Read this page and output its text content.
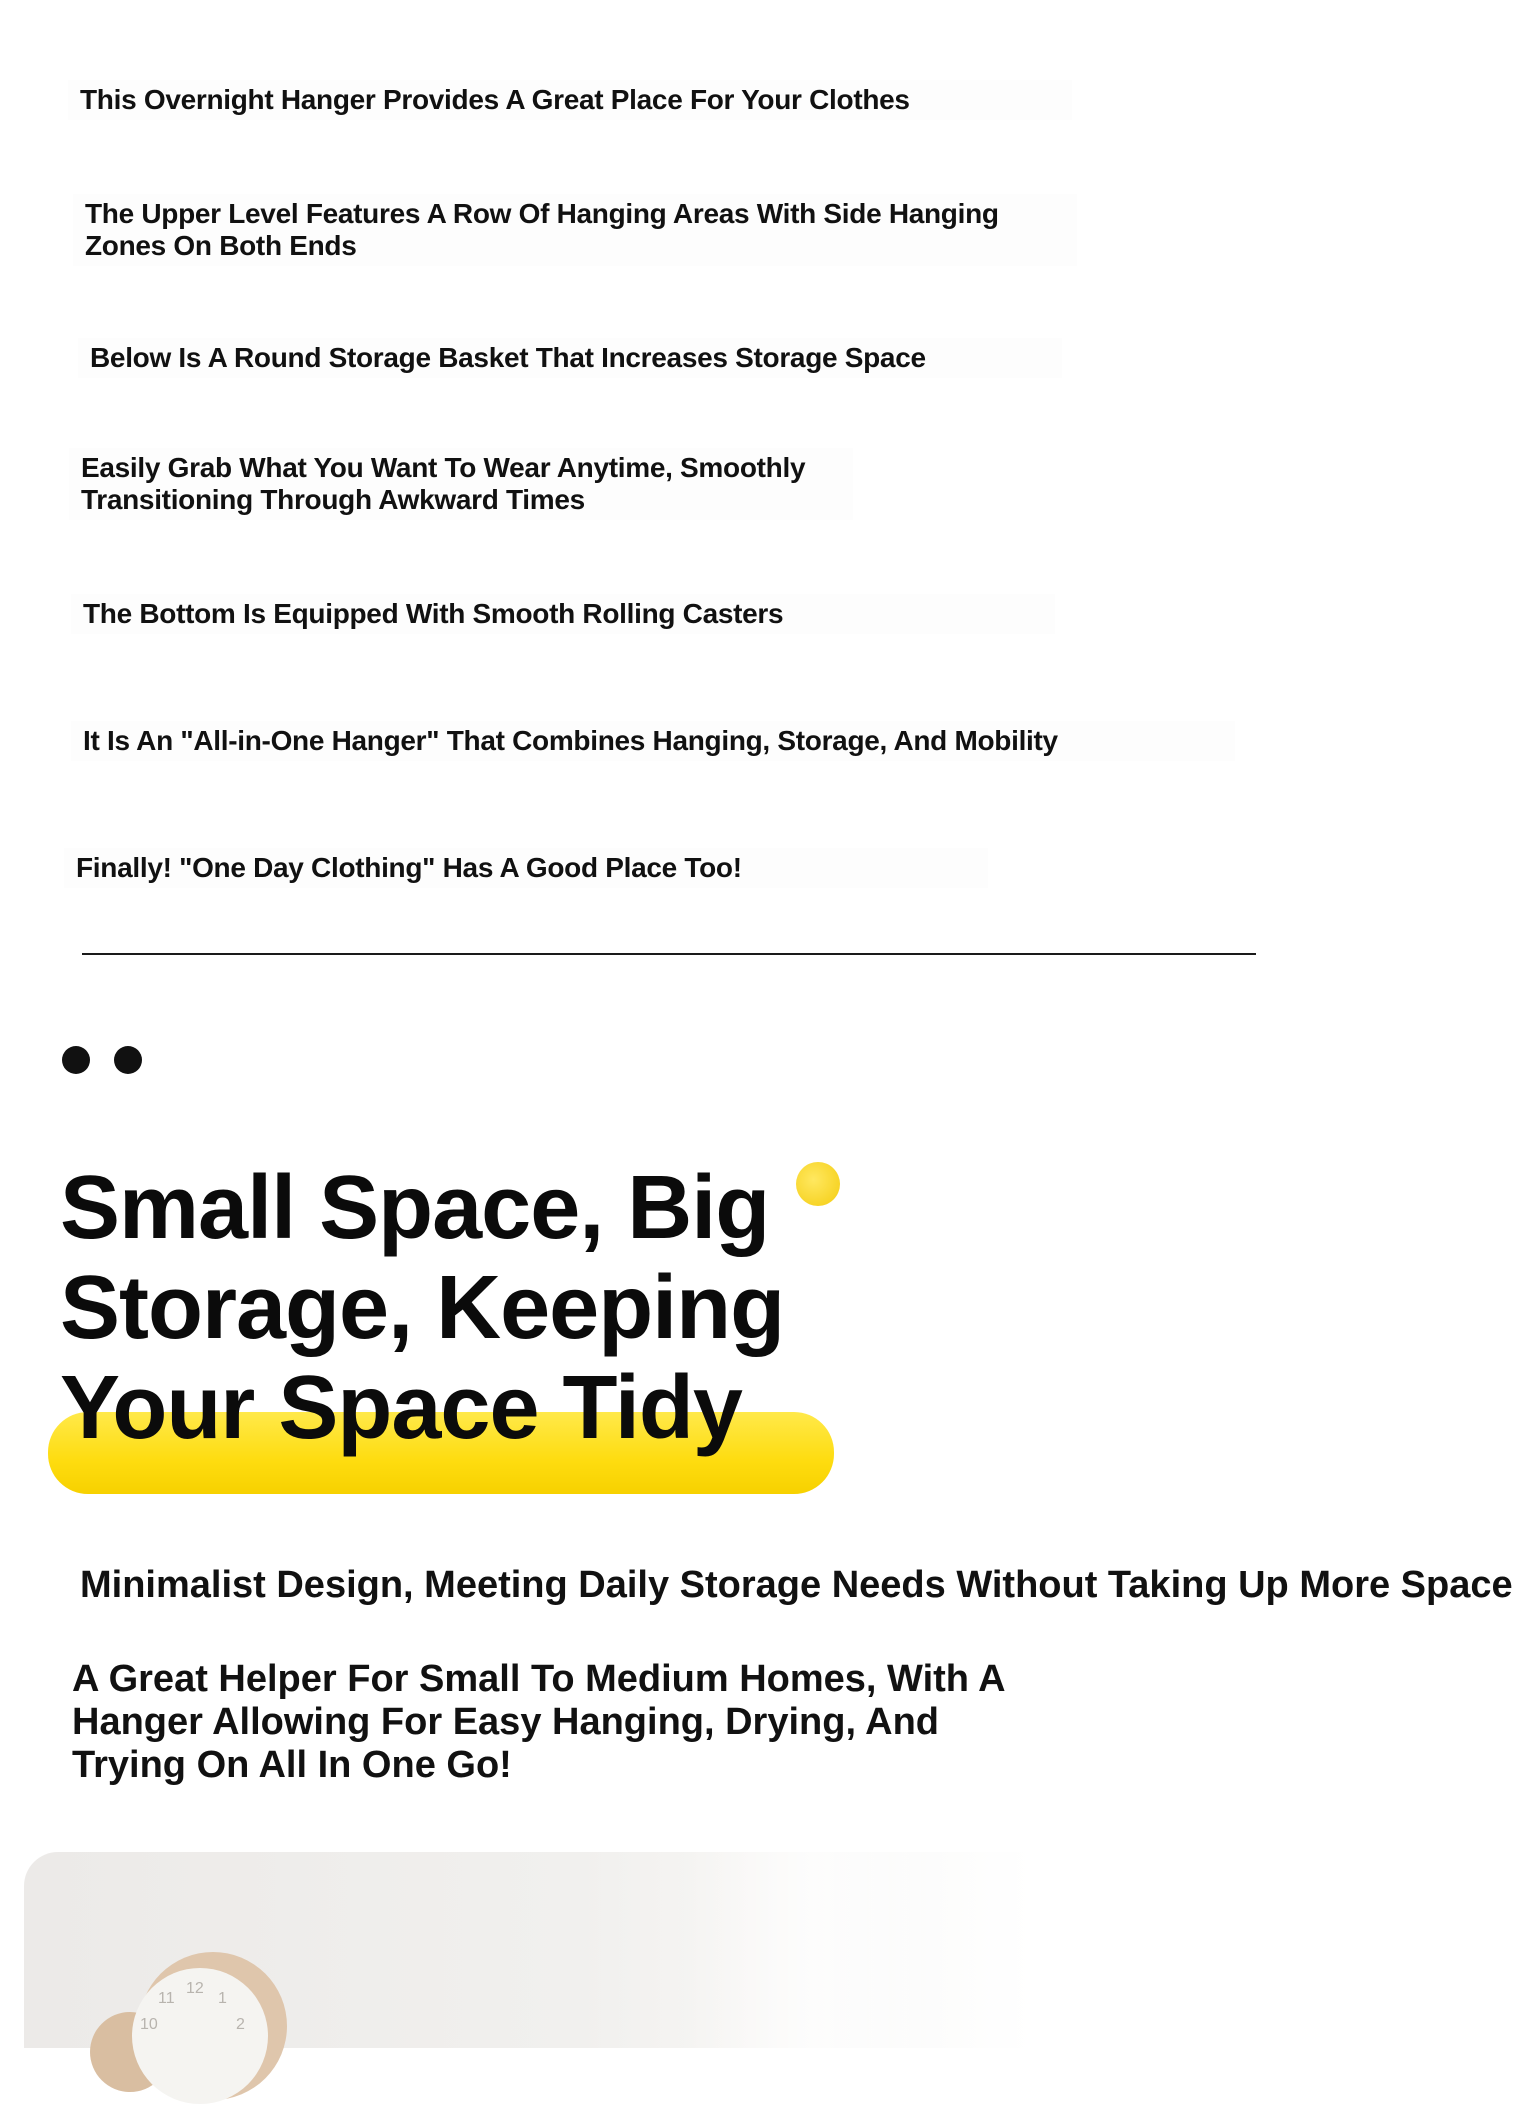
This Overnight Hanger Provides A Great Place For Your Clothes

The Upper Level Features A Row Of Hanging Areas With Side Hanging Zones On Both Ends

Below Is A Round Storage Basket That Increases Storage Space

Easily Grab What You Want To Wear Anytime, Smoothly Transitioning Through Awkward Times

The Bottom Is Equipped With Smooth Rolling Casters

It Is An "All-in-One Hanger" That Combines Hanging, Storage, And Mobility

Finally! "One Day Clothing" Has A Good Place Too!

Small Space, Big Storage, Keeping Your Space Tidy

Minimalist Design, Meeting Daily Storage Needs Without Taking Up More Space

A Great Helper For Small To Medium Homes, With A Hanger Allowing For Easy Hanging, Drying, And Trying On All In One Go!

11
12
1
10	2
